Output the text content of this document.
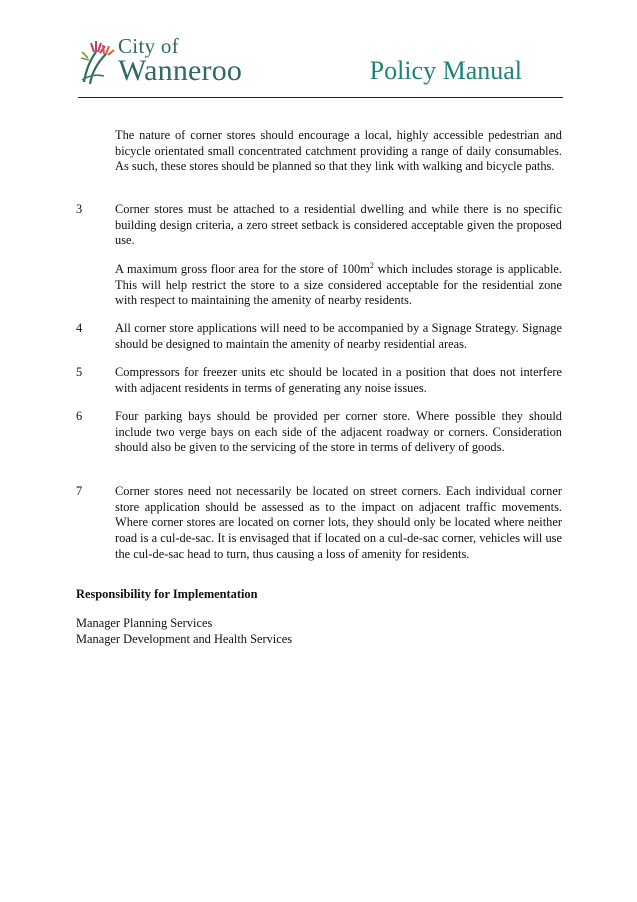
City of
Wanneroo	Policy Manual

The nature of corner stores should encourage a local, highly accessible pedestrian and bicycle orientated small concentrated catchment providing a range of daily consumables. As such, these stores should be planned so that they link with walking and bicycle paths.

3	Corner stores must be attached to a residential dwelling and while there is no specific building design criteria, a zero street setback is considered acceptable given the proposed use.

A maximum gross floor area for the store of $100m^2$ which includes storage is applicable. This will help restrict the store to a size considered acceptable for the residential zone with respect to maintaining the amenity of nearby residents.

4	All corner store applications will need to be accompanied by a Signage Strategy. Signage should be designed to maintain the amenity of nearby residential areas.

5	Compressors for freezer units etc should be located in a position that does not interfere with adjacent residents in terms of generating any noise issues.

6	Four parking bays should be provided per corner store. Where possible they should include two verge bays on each side of the adjacent roadway or corners. Consideration should also be given to the servicing of the store in terms of delivery of goods.

7	Corner stores need not necessarily be located on street corners. Each individual corner store application should be assessed as to the impact on adjacent traffic movements. Where corner stores are located on corner lots, they should only be located where neither road is a cul-de-sac. It is envisaged that if located on a cul-de-sac corner, vehicles will use the cul-de-sac head to turn, thus causing a loss of amenity for residents.

Responsibility for Implementation
Manager Planning Services
Manager Development and Health Services
